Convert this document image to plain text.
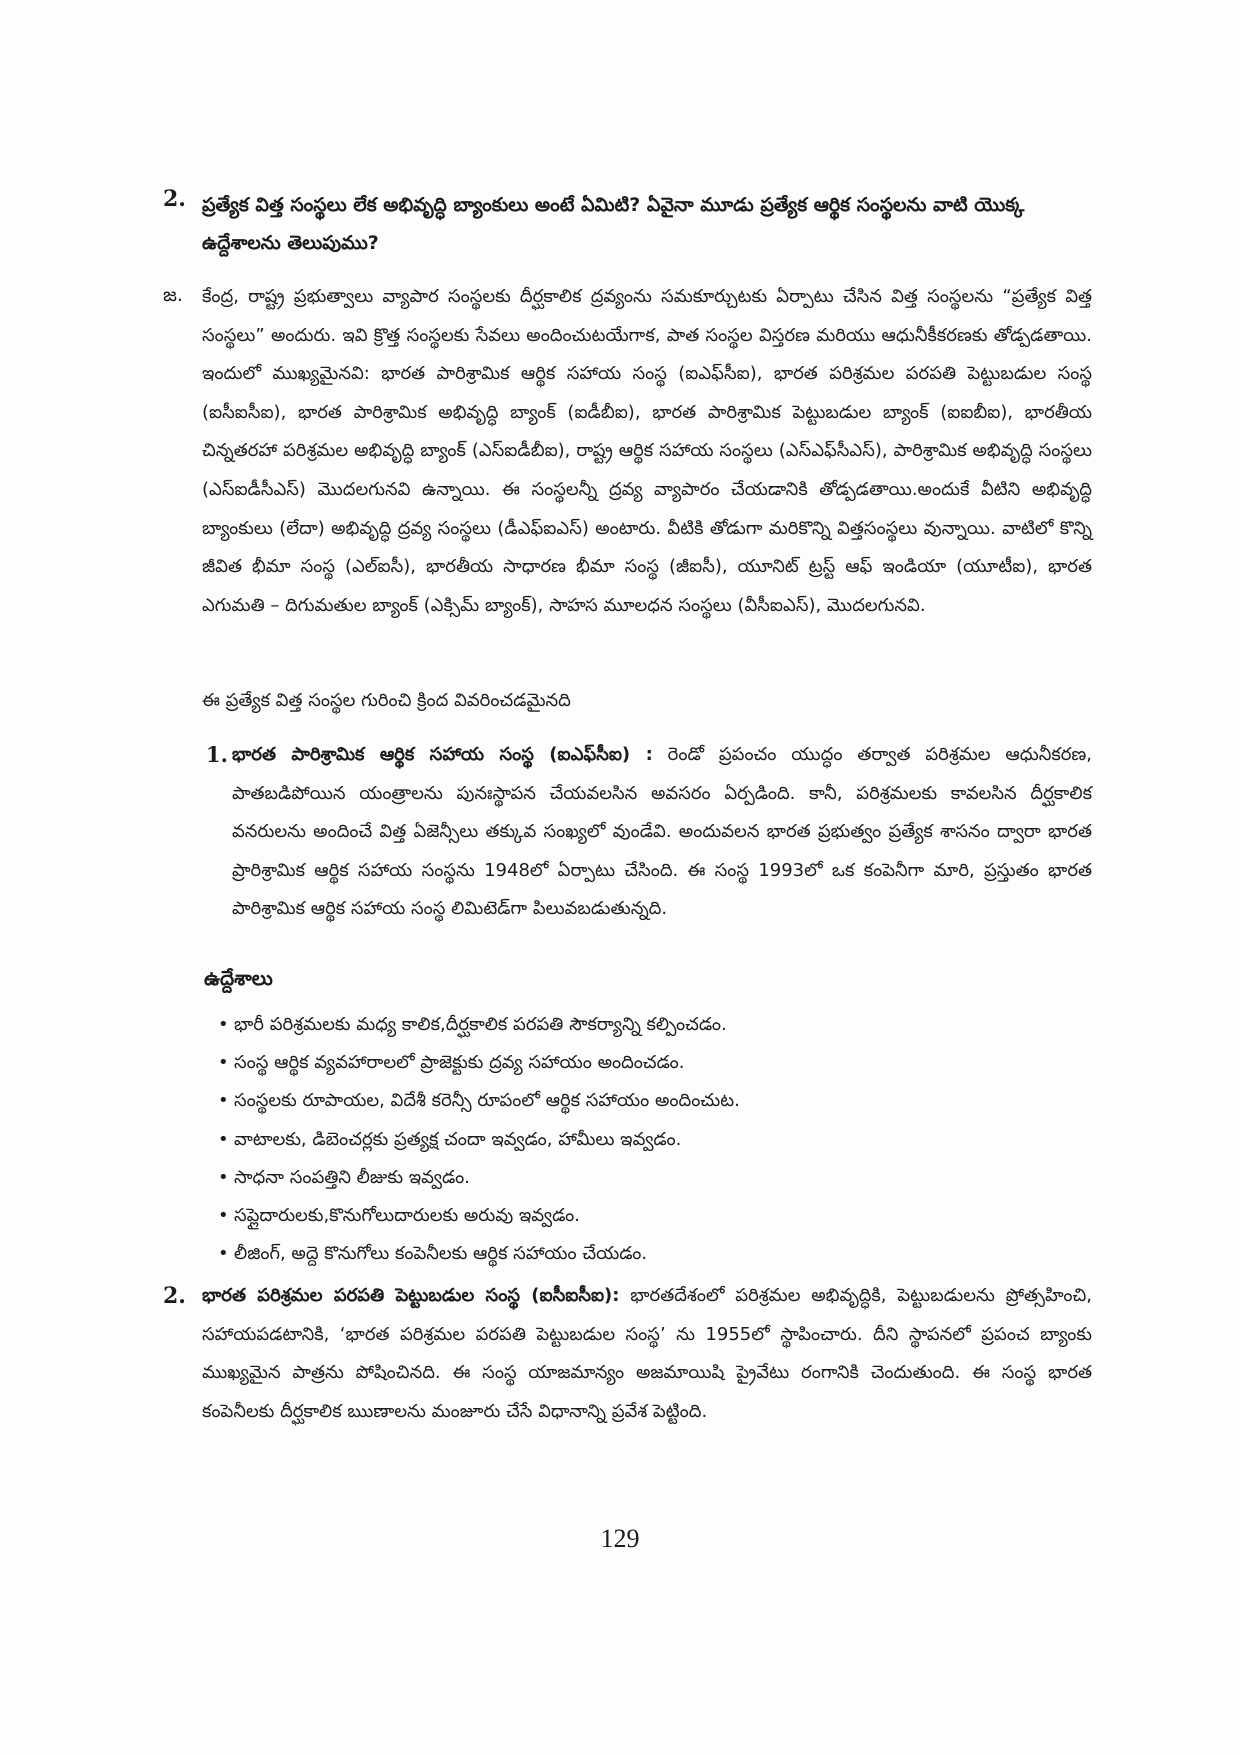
2. ప్రత్యేక విత్త సంస్థలు లేక అభివృద్ధి బ్యాంకులు అంటే ఏమిటి? ఏవైనా మూడు ప్రత్యేక ఆర్థిక సంస్థలను వాటి యొక్క ఉద్దేశాలను తెలుపుము?
జ. కేంద్ర, రాష్ట్ర ప్రభుత్వాలు వ్యాపార సంస్థలకు దీర్ఘకాలిక ద్రవ్యంను సమకూర్చుటకు ఏర్పాటు చేసిన విత్త సంస్థలను “ప్రత్యేక విత్త సంస్థలు” అందురు. ఇవి క్రొత్త సంస్థలకు సేవలు అందించుటయేగాక, పాత సంస్థల విస్తరణ మరియు ఆధునీకీకరణకు తోడ్పడతాయి. ఇందులో ముఖ్యమైనవి: భారత పారిశ్రామిక ఆర్థిక సహాయ సంస్థ (ఐఎఫ్‌సీఐ), భారత పరిశ్రమల పరపతి పెట్టుబడుల సంస్థ (ఐసీఐసీఐ), భారత పారిశ్రామిక అభివృద్ధి బ్యాంక్ (ఐడీబీఐ), భారత పారిశ్రామిక పెట్టుబడుల బ్యాంక్ (ఐఐబీఐ), భారతీయ చిన్నతరహా పరిశ్రమల అభివృద్ధి బ్యాంక్ (ఎస్ఐడీబీఐ), రాష్ట్ర ఆర్థిక సహాయ సంస్థలు (ఎస్ఎఫ్‌సీఎస్), పారిశ్రామిక అభివృద్ధి సంస్థలు (ఎస్ఐడీసీఎస్) మొదలగునవి ఉన్నాయి. ఈ సంస్థలన్నీ ద్రవ్య వ్యాపారం చేయడానికి తోడ్పడతాయి.అందుకే వీటిని అభివృద్ధి బ్యాంకులు (లేదా) అభివృద్ధి ద్రవ్య సంస్థలు (డీఎఫ్ఐఎస్) అంటారు. వీటికి తోడుగా మరికొన్ని విత్తసంస్థలు వున్నాయి. వాటిలో కొన్ని జీవిత భీమా సంస్థ (ఎల్ఐసీ), భారతీయ సాధారణ భీమా సంస్థ (జీఐసీ), యూనిట్ ట్రస్ట్ ఆఫ్ ఇండియా (యూటీఐ), భారత ఎగుమతి – దిగుమతుల బ్యాంక్ (ఎక్సిమ్ బ్యాంక్), సాహస మూలధన సంస్థలు (వీసీఐఎస్), మొదలగునవి.
ఈ ప్రత్యేక విత్త సంస్థల గురించి క్రింద వివరించడమైనది
1. భారత పారిశ్రామిక ఆర్థిక సహాయ సంస్థ (ఐఎఫ్‌సీఐ) : రెండో ప్రపంచం యుద్ధం తర్వాత పరిశ్రమల ఆధునీకరణ, పాతబడిపోయిన యంత్రాలను పునఃస్థాపన చేయవలసిన అవసరం ఏర్పడింది. కానీ, పరిశ్రమలకు కావలసిన దీర్ఘకాలిక వనరులను అందించే విత్త ఏజెన్సీలు తక్కువ సంఖ్యలో వుండేవి. అందువలన భారత ప్రభుత్వం ప్రత్యేక శాసనం ద్వారా భారత ప్రారిశ్రామిక ఆర్థిక సహాయ సంస్థను 1948లో ఏర్పాటు చేసింది. ఈ సంస్థ 1993లో ఒక కంపెనీగా మారి, ప్రస్తుతం భారత పారిశ్రామిక ఆర్థిక సహాయ సంస్థ లిమిటెడ్‌గా పిలువబడుతున్నది.
ఉద్దేశాలు
• భారీ పరిశ్రమలకు మధ్య కాలిక,దీర్ఘకాలిక పరపతి సౌకర్యాన్ని కల్పించడం.
• సంస్థ ఆర్థిక వ్యవహారాలలో ప్రాజెక్టుకు ద్రవ్య సహాయం అందించడం.
• సంస్థలకు రూపాయల, విదేశీ కరెన్సీ రూపంలో ఆర్థిక సహాయం అందించుట.
• వాటాలకు, డిబెంచర్లకు ప్రత్యక్ష చందా ఇవ్వడం, హామీలు ఇవ్వడం.
• సాధనా సంపత్తిని లీజుకు ఇవ్వడం.
• సప్లైదారులకు,కొనుగోలుదారులకు అరువు ఇవ్వడం.
• లీజింగ్, అద్దె కొనుగోలు కంపెనీలకు ఆర్థిక సహాయం చేయడం.
2. భారత పరిశ్రమల పరపతి పెట్టుబడుల సంస్థ (ఐసీఐసీఐ): భారతదేశంలో పరిశ్రమల అభివృద్ధికి, పెట్టుబడులను ప్రోత్సహించి, సహాయపడటానికి, ‘భారత పరిశ్రమల పరపతి పెట్టుబడుల సంస్థ’ ను 1955లో స్థాపించారు. దీని స్థాపనలో ప్రపంచ బ్యాంకు ముఖ్యమైన పాత్రను పోషించినది. ఈ సంస్థ యాజమాన్యం అజమాయిషి ప్రైవేటు రంగానికి చెందుతుంది. ఈ సంస్థ భారత కంపెనీలకు దీర్ఘకాలిక ఋణాలను మంజూరు చేసే విధానాన్ని ప్రవేశ పెట్టింది.
129
